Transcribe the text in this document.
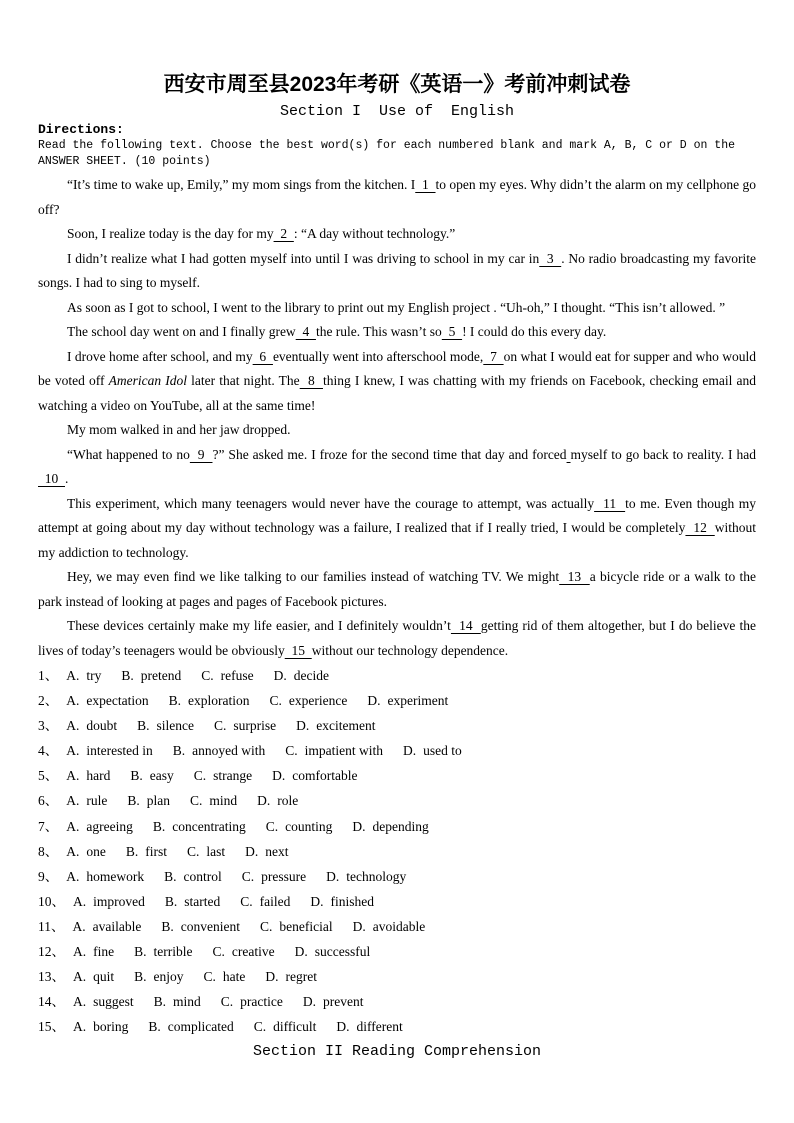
西安市周至县2023年考研《英语一》考前冲刺试卷
Section I  Use of  English
Directions:
Read the following text. Choose the best word(s) for each numbered blank and mark A, B, C or D on the ANSWER SHEET. (10 points)

“It’s time to wake up, Emily,” my mom sings from the kitchen. I  1  to open my eyes. Why didn’t the alarm on my cellphone go off?

Soon, I realize today is the day for my  2  : “A day without technology.”

I didn’t realize what I had gotten myself into until I was driving to school in my car in  3  . No radio broadcasting my favorite songs. I had to sing to myself.

As soon as I got to school, I went to the library to print out my English project . “Uh-oh,” I thought. “This isn’t allowed. ”

The school day went on and I finally grew  4  the rule. This wasn’t so  5  ! I could do this every day.

I drove home after school, and my  6  eventually went into afterschool mode,  7  on what I would eat for supper and who would be voted off American Idol later that night. The  8  thing I knew, I was chatting with my friends on Facebook, checking email and watching a video on YouTube, all at the same time!

My mom walked in and her jaw dropped.

“What happened to no  9  ?” She asked me. I froze for the second time that day and forced myself to go back to reality. I had  10  .

This experiment, which many teenagers would never have the courage to attempt, was actually  11  to me. Even though my attempt at going about my day without technology was a failure, I realized that if I really tried, I would be completely  12  without my addiction to technology.

Hey, we may even find we like talking to our families instead of watching TV. We might  13  a bicycle ride or a walk to the park instead of looking at pages and pages of Facebook pictures.

These devices certainly make my life easier, and I definitely wouldn’t  14  getting rid of them altogether, but I do believe the lives of today’s teenagers would be obviously  15  without our technology dependence.

1、 A. try B. pretend C. refuse D. decide
2、 A. expectation B. exploration C. experience D. experiment
3、 A. doubt B. silence C. surprise D. excitement
4、 A. interested in B. annoyed with C. impatient with D. used to
5、 A. hard B. easy C. strange D. comfortable
6、 A. rule B. plan C. mind D. role
7、 A. agreeing B. concentrating C. counting D. depending
8、 A. one B. first C. last D. next
9、 A. homework B. control C. pressure D. technology
10、 A. improved B. started C. failed D. finished
11、 A. available B. convenient C. beneficial D. avoidable
12、 A. fine B. terrible C. creative D. successful
13、 A. quit B. enjoy C. hate D. regret
14、 A. suggest B. mind C. practice D. prevent
15、 A. boring B. complicated C. difficult D. different
Section II Reading Comprehension
